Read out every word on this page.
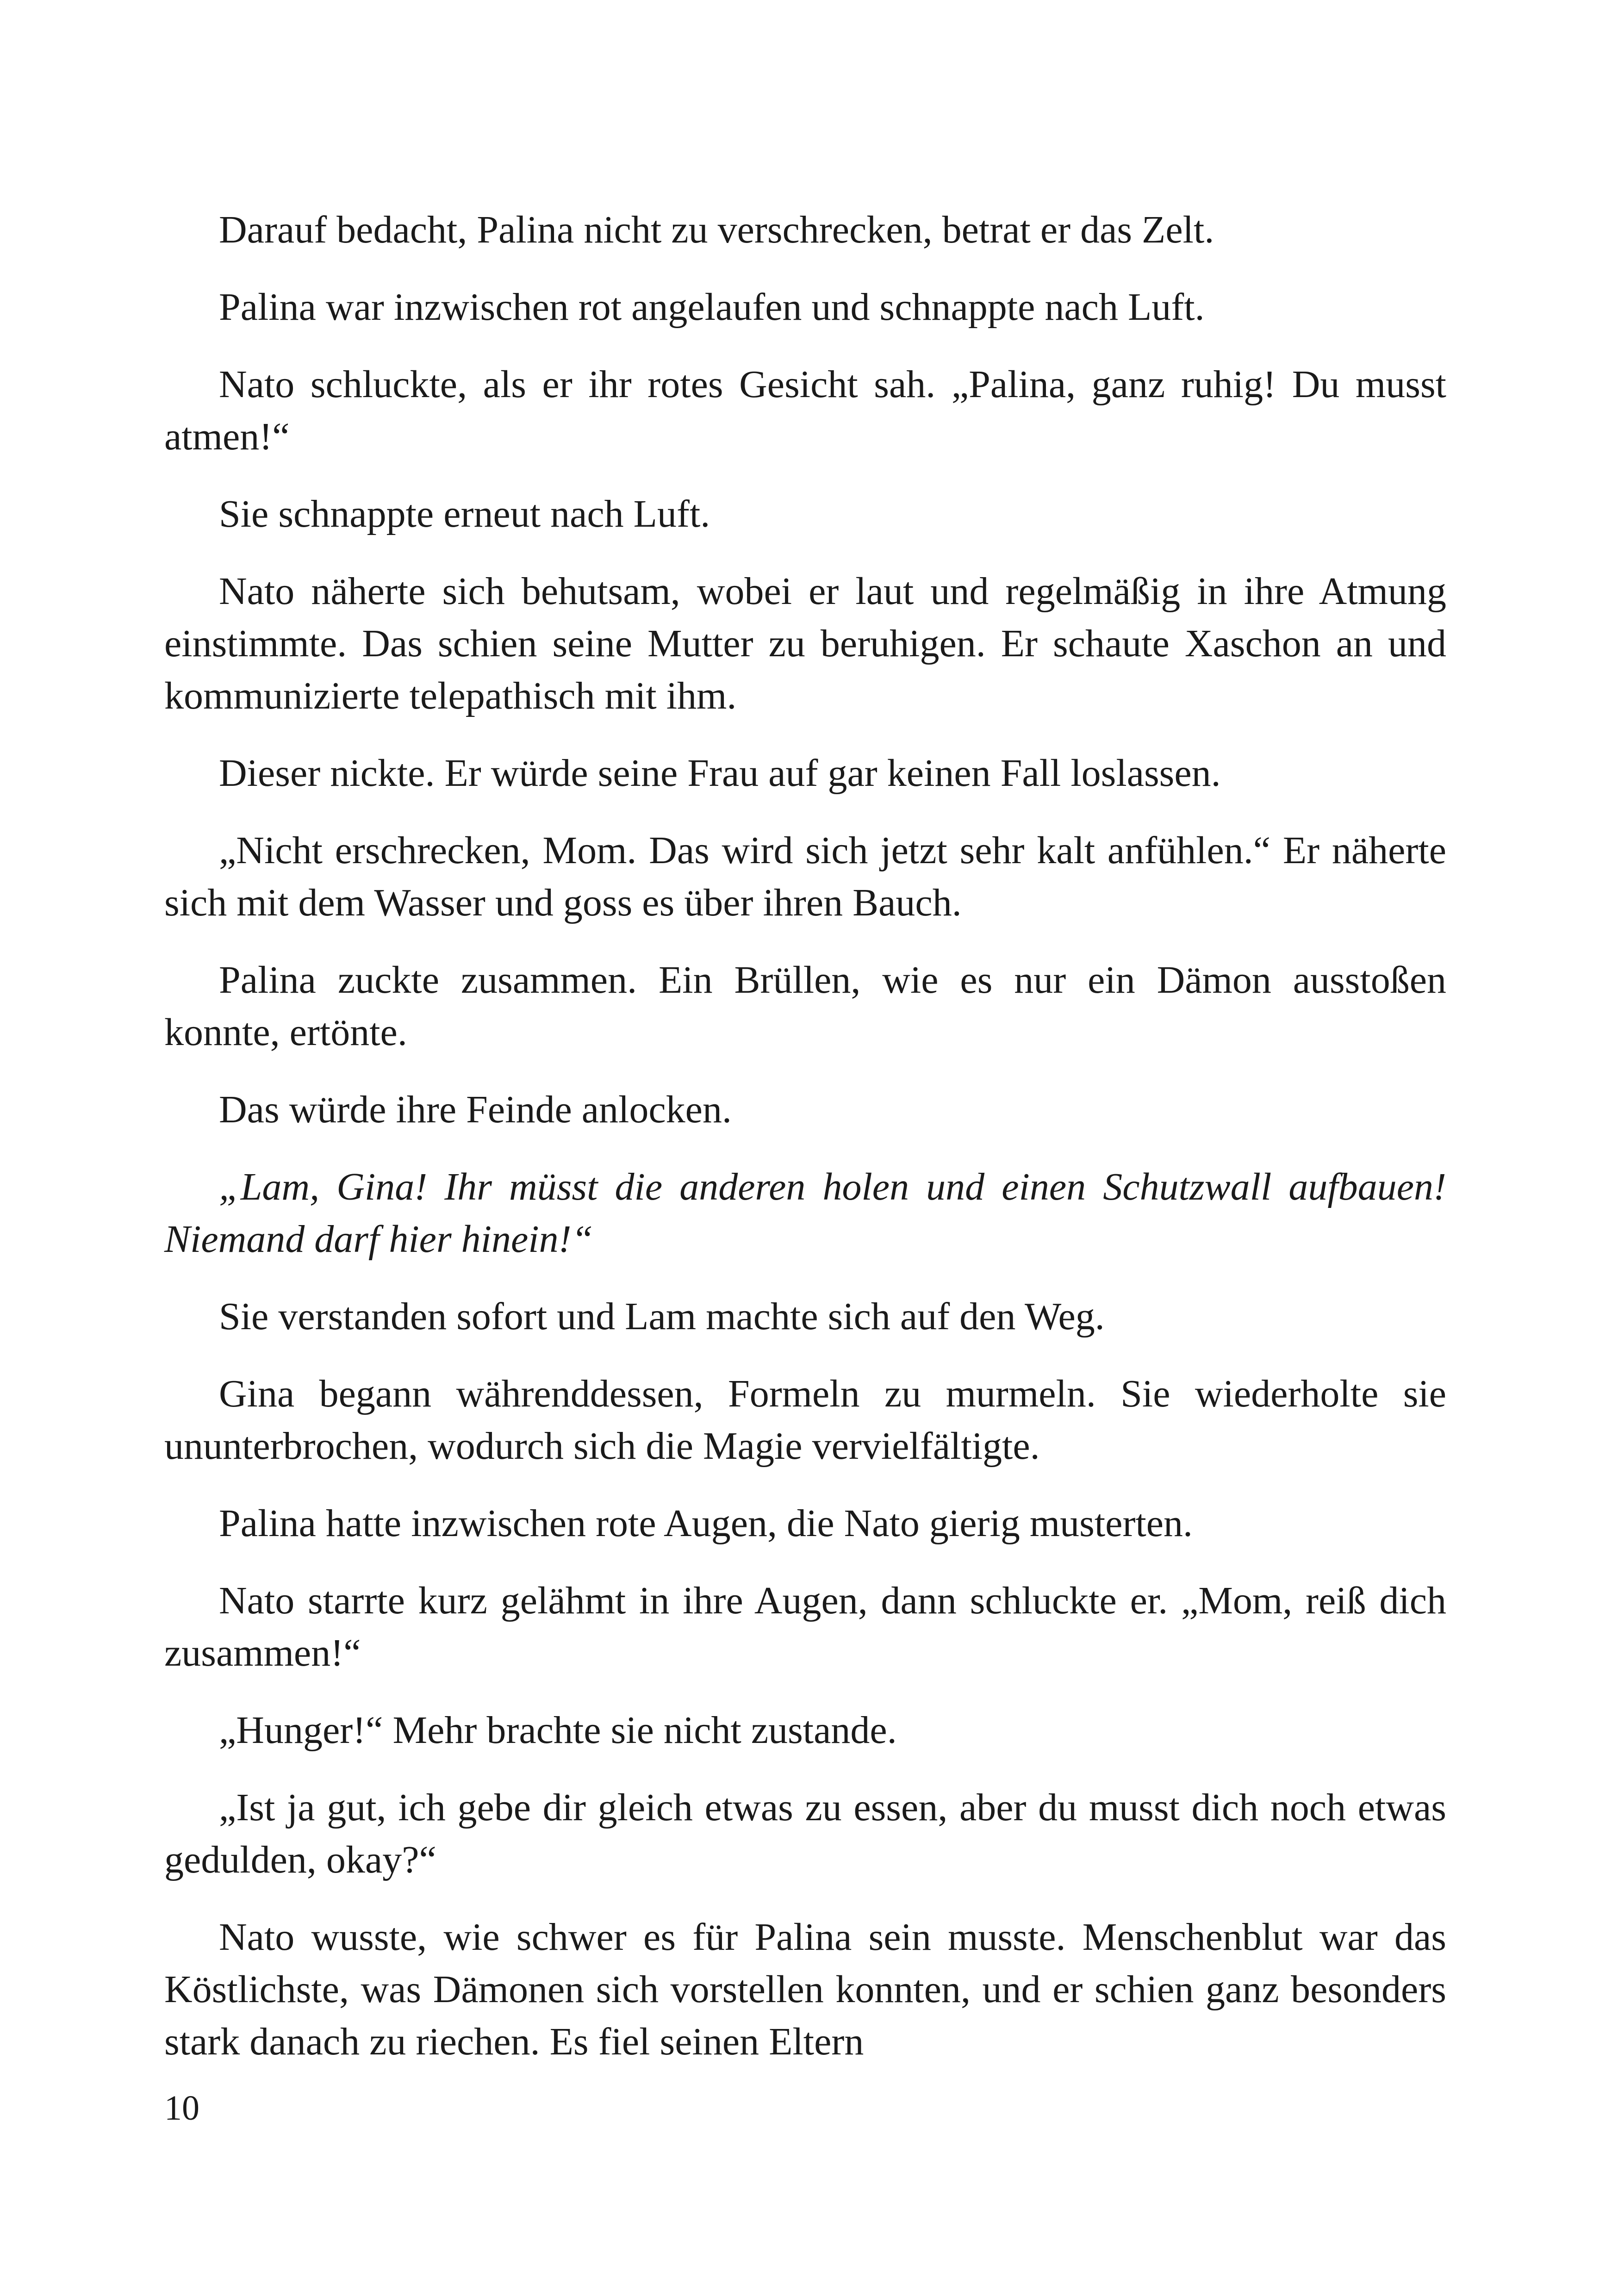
Darauf bedacht, Palina nicht zu verschrecken, betrat er das Zelt.

Palina war inzwischen rot angelaufen und schnappte nach Luft.

Nato schluckte, als er ihr rotes Gesicht sah. „Palina, ganz ruhig! Du musst atmen!“

Sie schnappte erneut nach Luft.

Nato näherte sich behutsam, wobei er laut und regelmäßig in ihre Atmung einstimmte. Das schien seine Mutter zu beruhigen. Er schaute Xaschon an und kommunizierte telepathisch mit ihm.

Dieser nickte. Er würde seine Frau auf gar keinen Fall loslassen.

„Nicht erschrecken, Mom. Das wird sich jetzt sehr kalt anfühlen.“ Er näherte sich mit dem Wasser und goss es über ihren Bauch.

Palina zuckte zusammen. Ein Brüllen, wie es nur ein Dämon ausstoßen konnte, ertönte.

Das würde ihre Feinde anlocken.

„Lam, Gina! Ihr müsst die anderen holen und einen Schutzwall aufbauen! Niemand darf hier hinein!“

Sie verstanden sofort und Lam machte sich auf den Weg.

Gina begann währenddessen, Formeln zu murmeln. Sie wiederholte sie ununterbrochen, wodurch sich die Magie vervielfältigte.

Palina hatte inzwischen rote Augen, die Nato gierig musterten.

Nato starrte kurz gelähmt in ihre Augen, dann schluckte er. „Mom, reiß dich zusammen!“

„Hunger!“ Mehr brachte sie nicht zustande.

„Ist ja gut, ich gebe dir gleich etwas zu essen, aber du musst dich noch etwas gedulden, okay?“

Nato wusste, wie schwer es für Palina sein musste. Menschenblut war das Köstlichste, was Dämonen sich vorstellen konnten, und er schien ganz besonders stark danach zu riechen. Es fiel seinen Eltern

10
